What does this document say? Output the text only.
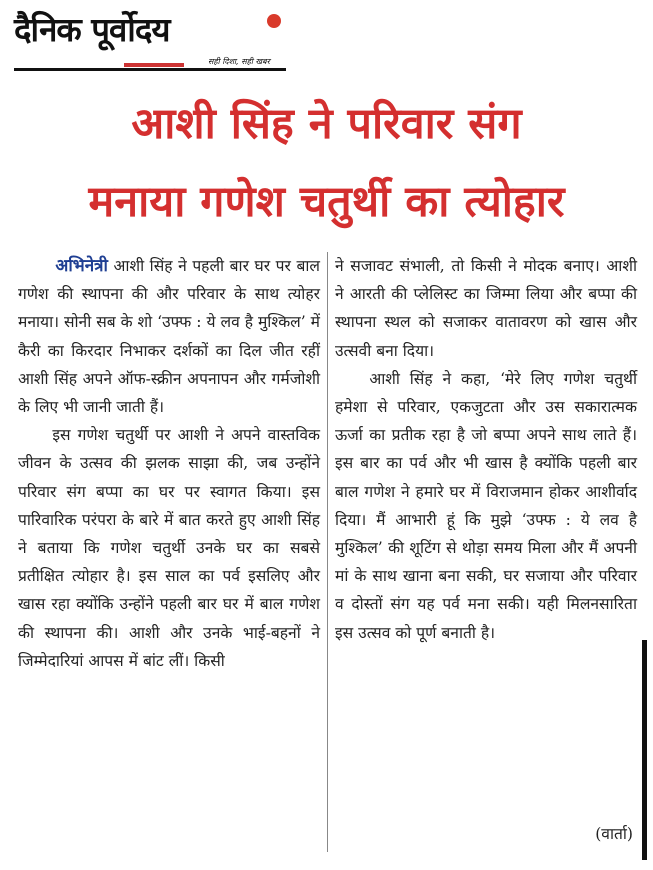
दैनिक पूर्वोदय
सही दिशा, सही खबर
आशी सिंह ने परिवार संग
मनाया गणेश चतुर्थी का त्योहार

अभिनेत्री आशी सिंह ने पहली बार घर पर बाल गणेश की स्थापना की और परिवार के साथ त्योहर मनाया। सोनी सब के शो ‘उफ्फ : ये लव है मुश्किल’ में कैरी का किरदार निभाकर दर्शकों का दिल जीत रहीं आशी सिंह अपने ऑफ-स्क्रीन अपनापन और गर्मजोशी के लिए भी जानी जाती हैं।

इस गणेश चतुर्थी पर आशी ने अपने वास्तविक जीवन के उत्सव की झलक साझा की, जब उन्होंने परिवार संग बप्पा का घर पर स्वागत किया। इस पारिवारिक परंपरा के बारे में बात करते हुए आशी सिंह ने बताया कि गणेश चतुर्थी उनके घर का सबसे प्रतीक्षित त्योहार है। इस साल का पर्व इसलिए और खास रहा क्योंकि उन्होंने पहली बार घर में बाल गणेश की स्थापना की। आशी और उनके भाई-बहनों ने जिम्मेदारियां आपस में बांट लीं। किसी

ने सजावट संभाली, तो किसी ने मोदक बनाए। आशी ने आरती की प्लेलिस्ट का जिम्मा लिया और बप्पा की स्थापना स्थल को सजाकर वातावरण को खास और उत्सवी बना दिया।

आशी सिंह ने कहा, ‘मेरे लिए गणेश चतुर्थी हमेशा से परिवार, एकजुटता और उस सकारात्मक ऊर्जा का प्रतीक रहा है जो बप्पा अपने साथ लाते हैं। इस बार का पर्व और भी खास है क्योंकि पहली बार बाल गणेश ने हमारे घर में विराजमान होकर आशीर्वाद दिया। मैं आभारी हूं कि मुझे ‘उफ्फ : ये लव है मुश्किल’ की शूटिंग से थोड़ा समय मिला और मैं अपनी मां के साथ खाना बना सकी, घर सजाया और परिवार व दोस्तों संग यह पर्व मना सकी। यही मिलनसारिता इस उत्सव को पूर्ण बनाती है।

(वार्ता)
